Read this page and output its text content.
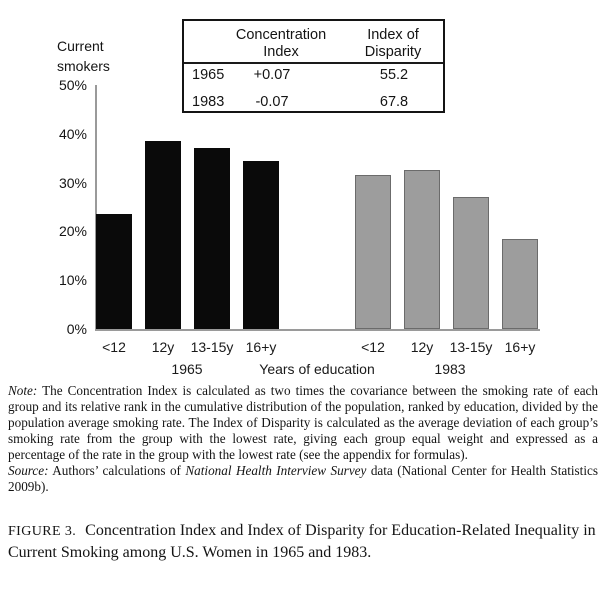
Current smokers
1965	Years of education	1983
Concentration
Index
Index of
Disparity
1965 +0.07	55.2
1983 -0.07	67.8
<12	12y	13-15y 16+y	<12	12y	13-15y 16+y
50%
40%
30%
20%
10%
0%

Note: The Concentration Index is calculated as two times the covariance between the smoking rate of each group and its relative rank in the cumulative distribution of the population, ranked by education, divided by the population average smoking rate. The Index of Disparity is calculated as the average deviation of each group’s smoking rate from the group with the lowest rate, giving each group equal weight and expressed as a percentage of the rate in the group with the lowest rate (see the appendix for formulas).

Source: Authors’ calculations of National Health Interview Survey data (National Center for Health Statistics 2009b).

FIGURE 3. Concentration Index and Index of Disparity for Education-Related Inequality in Current Smoking among U.S. Women in 1965 and 1983.
